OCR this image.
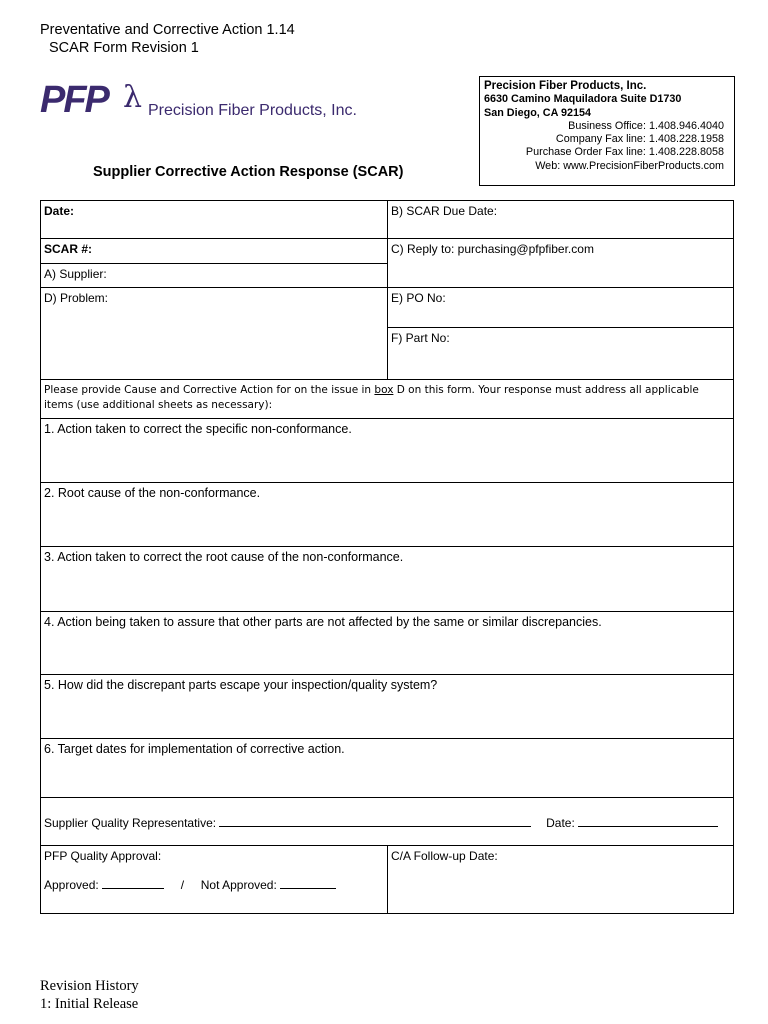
Preventative and Corrective Action 1.14
SCAR Form Revision 1
PFP λ Precision Fiber Products, Inc.
Precision Fiber Products, Inc.
6630 Camino Maquiladora Suite D1730
San Diego, CA 92154
Business Office: 1.408.946.4040
Company Fax line: 1.408.228.1958
Purchase Order Fax line: 1.408.228.8058
Web: www.PrecisionFiberProducts.com
Supplier Corrective Action Response (SCAR)
Date:	B) SCAR Due Date:
SCAR #:	C) Reply to: purchasing@pfpfiber.com
A) Supplier:	
D) Problem:	E) PO No:
	F) Part No:
Please provide Cause and Corrective Action for on the issue in box D on this form. Your response must address all applicable items (use additional sheets as necessary):	
1. Action taken to correct the specific non-conformance.	
2. Root cause of the non-conformance.	
3. Action taken to correct the root cause of the non-conformance.	
4. Action being taken to assure that other parts are not affected by the same or similar discrepancies.	
5. How did the discrepant parts escape your inspection/quality system?	
6. Target dates for implementation of corrective action.	
Supplier Quality Representative: Date:	

PFP Quality Approval:
Approved: / Not Approved:	C/A Follow-up Date:
Revision History
1: Initial Release
